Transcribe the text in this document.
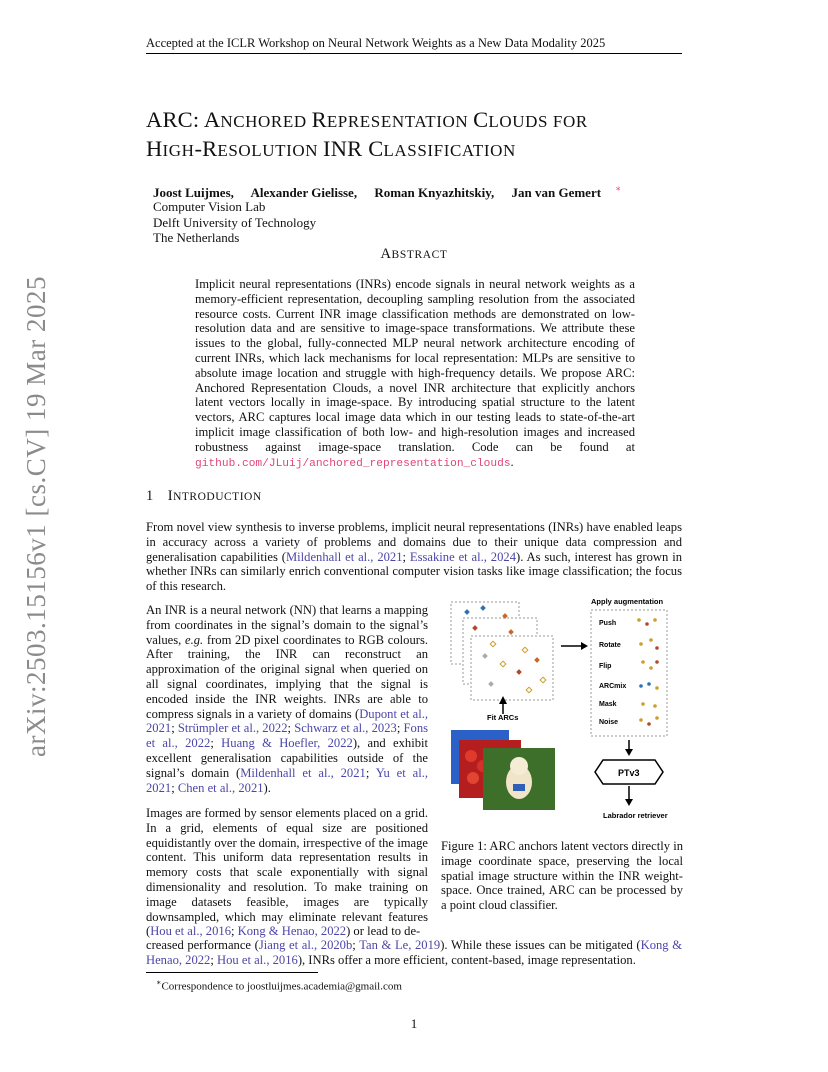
arXiv:2503.15156v1 [cs.CV] 19 Mar 2025
Accepted at the ICLR Workshop on Neural Network Weights as a New Data Modality 2025
ARC: ANCHORED REPRESENTATION CLOUDS FOR
HIGH-RESOLUTION INR CLASSIFICATION
Joost Luijmes, Alexander Gielisse, Roman Knyazhitskiy, Jan van Gemert ∗
Computer Vision Lab
Delft University of Technology
The Netherlands
ABSTRACT
Implicit neural representations (INRs) encode signals in neural network weights as a memory-efficient representation, decoupling sampling resolution from the associated resource costs. Current INR image classification methods are demonstrated on low-resolution data and are sensitive to image-space transformations. We attribute these issues to the global, fully-connected MLP neural network architecture encoding of current INRs, which lack mechanisms for local representation: MLPs are sensitive to absolute image location and struggle with high-frequency details. We propose ARC: Anchored Representation Clouds, a novel INR architecture that explicitly anchors latent vectors locally in image-space. By introducing spatial structure to the latent vectors, ARC captures local image data which in our testing leads to state-of-the-art implicit image classification of both low- and high-resolution images and increased robustness against image-space translation. Code can be found at github.com/JLuij/anchored_representation_clouds.
1 INTRODUCTION
From novel view synthesis to inverse problems, implicit neural representations (INRs) have enabled leaps in accuracy across a variety of problems and domains due to their unique data compression and generalisation capabilities (Mildenhall et al., 2021; Essakine et al., 2024). As such, interest has grown in whether INRs can similarly enrich conventional computer vision tasks like image classification; the focus of this research.
An INR is a neural network (NN) that learns a mapping from coordinates in the signal’s domain to the signal’s values, e.g. from 2D pixel coordinates to RGB colours. After training, the INR can reconstruct an approximation of the original signal when queried on all signal coordinates, implying that the signal is encoded inside the INR weights. INRs are able to compress signals in a variety of domains (Dupont et al., 2021; Strümpler et al., 2022; Schwarz et al., 2023; Fons et al., 2022; Huang & Hoefler, 2022), and exhibit excellent generalisation capabilities outside of the signal’s domain (Mildenhall et al., 2021; Yu et al., 2021; Chen et al., 2021).
Images are formed by sensor elements placed on a grid. In a grid, elements of equal size are positioned equidistantly over the domain, irrespective of the image content. This uniform data representation results in memory costs that scale exponentially with signal dimensionality and resolution. To make training on image datasets feasible, images are typically downsampled, which may eliminate relevant features (Hou et al., 2016; Kong & Henao, 2022) or lead to de-
creased performance (Jiang et al., 2020b; Tan & Le, 2019). While these issues can be mitigated (Kong & Henao, 2022; Hou et al., 2016), INRs offer a more efficient, content-based, image representation.
Apply augmentation
Push
Rotate
Flip
ARCmix
Mask
Noise
Fit ARCs
PTv3
Labrador retriever
Figure 1: ARC anchors latent vectors directly in image coordinate space, preserving the local spatial image structure within the INR weight-space. Once trained, ARC can be processed by a point cloud classifier.
∗Correspondence to joostluijmes.academia@gmail.com
1
